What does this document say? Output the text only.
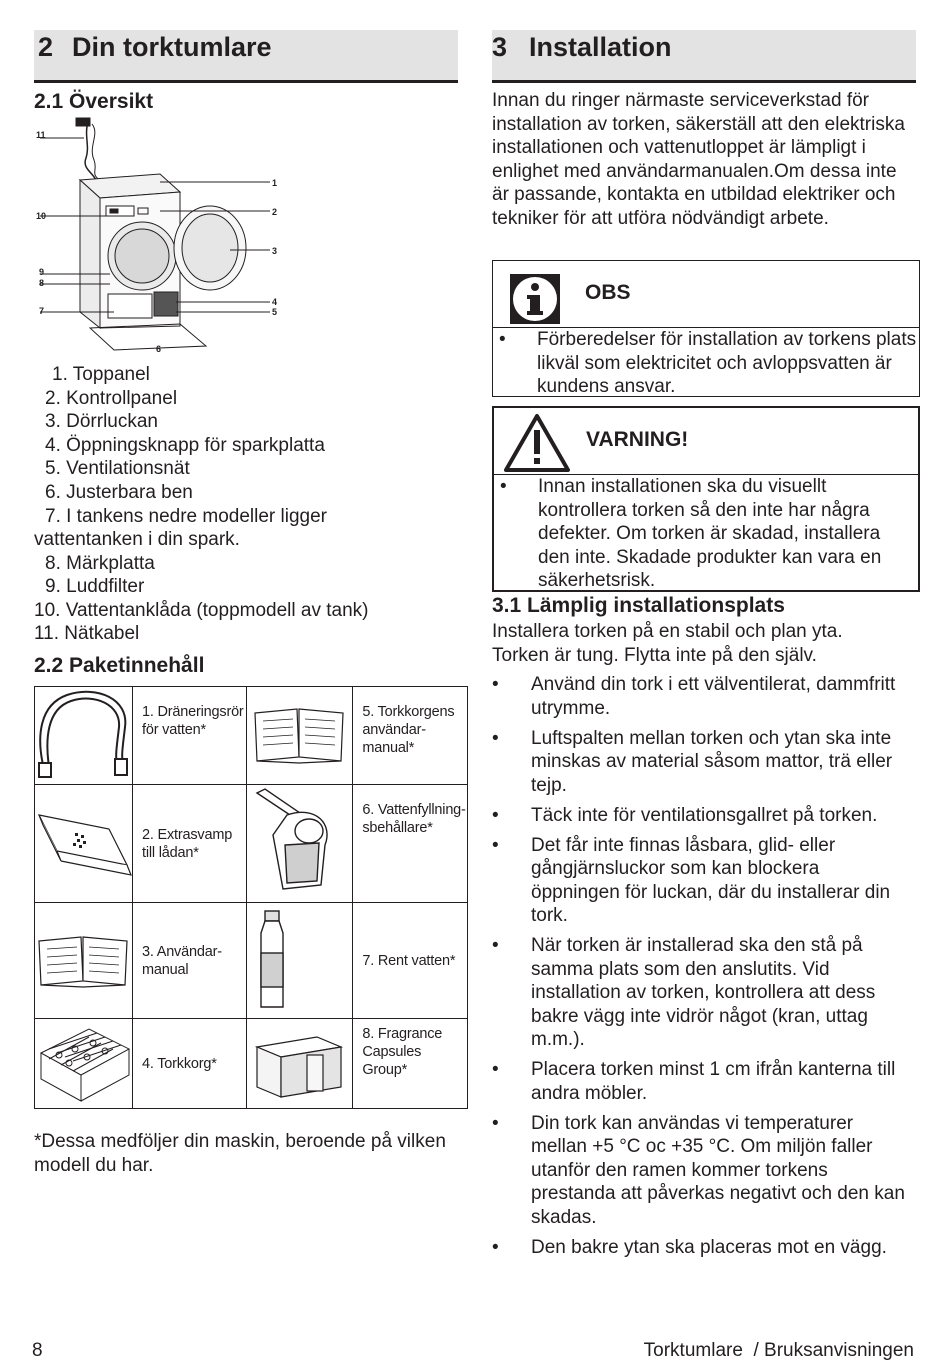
2 Din torktumlare
2.1 Översikt
11
10
9
8
7
1
2
3
4
5
6
1. Toppanel
2. Kontrollpanel
3. Dörrluckan
4. Öppningsknapp för sparkplatta
5. Ventilationsnät
6. Justerbara ben
7. I tankens nedre modeller ligger
vattentanken i din spark.
8. Märkplatta
9. Luddfilter
10. Vattentanklåda (toppmodell av tank)
11. Nätkabel
2.2 Paketinnehåll
	1. Dräneringsrör för vatten*		5. Torkkorgens användar-manual*
	2. Extrasvamp till lådan*		6. Vattenfyllning-sbehållare*
	3. Användar-manual		7. Rent vatten*
	4. Torkkorg*		8. Fragrance Capsules Group*
*Dessa medföljer din maskin, beroende på vilken modell du har.
3 Installation
Innan du ringer närmaste serviceverkstad för installation av torken, säkerställ att den elektriska installationen och vattenutloppet är lämpligt i enlighet med användarmanualen.Om dessa inte är passande, kontakta en utbildad elektriker och tekniker för att utföra nödvändigt arbete.
OBS
• Förberedelser för installation av torkens plats likväl som elektricitet och avloppsvatten är kundens ansvar.
VARNING!
• Innan installationen ska du visuellt kontrollera torken så den inte har några defekter. Om torken är skadad, installera den inte. Skadade produkter kan vara en säkerhetsrisk.
3.1 Lämplig installationsplats
Installera torken på en stabil och plan yta. Torken är tung. Flytta inte på den själv.
• Använd din tork i ett välventilerat, dammfritt utrymme.
• Luftspalten mellan torken och ytan ska inte minskas av material såsom mattor, trä eller tejp.
• Täck inte för ventilationsgallret på torken.
• Det får inte finnas låsbara, glid- eller gångjärnsluckor som kan blockera öppningen för luckan, där du installerar din tork.
• När torken är installerad ska den stå på samma plats som den anslutits. Vid installation av torken, kontrollera att dess bakre vägg inte vidrör något (kran, uttag m.m.).
• Placera torken minst 1 cm ifrån kanterna till andra möbler.
• Din tork kan användas vi temperaturer mellan +5 °C oc +35 °C. Om miljön faller utanför den ramen kommer torkens prestanda att påverkas negativt och den kan skadas.
• Den bakre ytan ska placeras mot en vägg.
8	Torktumlare  / Bruksanvisningen
